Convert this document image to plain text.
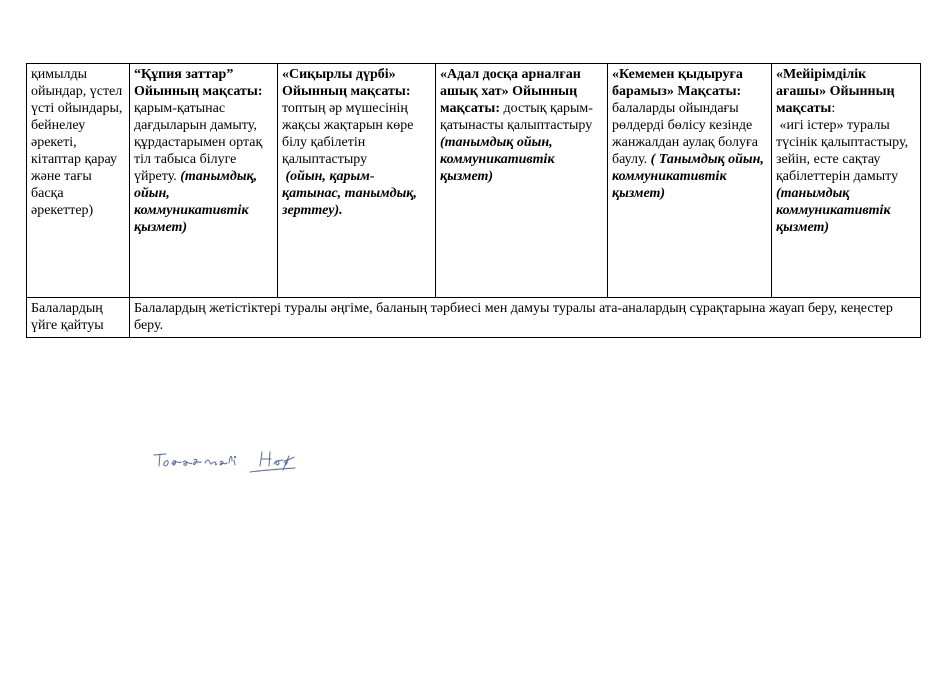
қимылды ойындар, үстел үсті ойындары, бейнелеу әрекеті, кітаптар қарау және тағы басқа әрекеттер)	“Құпия заттар” Ойынның мақсаты: қарым-қатынас дағдыларын дамыту, құрдастарымен ортақ тіл табыса білуге үйрету. (танымдық, ойын, коммуникативтік қызмет)	«Сиқырлы дүрбі» Ойынның мақсаты: топтың әр мүшесінің жақсы жақтарын көре білу қабілетін қалыптастыру
(ойын, қарым-қатынас, танымдық, зерттеу).	«Адал досқа арналған ашық хат» Ойынның мақсаты: достық қарым-қатынасты қалыптастыру (танымдық ойын, коммуникативтік қызмет)	«Кемемен қыдыруға барамыз» Мақсаты: балаларды ойындағы рөлдерді бөлісу кезінде жанжалдан аулақ болуға баулу. ( Танымдық ойын, коммуникативтік қызмет)	«Мейірімділік ағашы» Ойынның мақсаты:
«игі істер» туралы түсінік қалыптастыру, зейін, есте сақтау қабілеттерін дамыту (танымдық коммуникативтік қызмет)
Балалардың үйге қайтуы	Балалардың жетістіктері туралы әңгіме, баланың тәрбиесі мен дамуы туралы ата-аналардың сұрақтарына жауап беру, кеңестер беру.				
